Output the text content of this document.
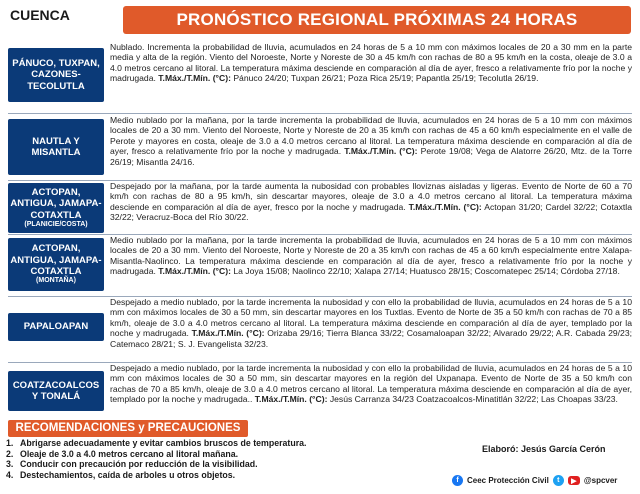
CUENCA	PRONÓSTICO REGIONAL PRÓXIMAS 24 HORAS
PÁNUCO, TUXPAN, CAZONES-TECOLUTLA
Nublado. Incrementa la probabilidad de lluvia, acumulados en 24 horas de 5 a 10 mm con máximos locales de 20 a 30 mm en la parte media y alta de la región. Viento del Noroeste, Norte y Noreste de 30 a 45 km/h con rachas de 80 a 95 km/h en la costa, oleaje de 3.0 a 4.0 metros cercano al litoral. La temperatura máxima desciende en comparación al día de ayer, fresco a relativamente frío por la noche y madrugada. T.Máx./T.Mín. (°C): Pánuco 24/20; Tuxpan 26/21; Poza Rica 25/19; Papantla 25/19; Tecolutla 26/19.
NAUTLA Y MISANTLA
Medio nublado por la mañana, por la tarde incrementa la probabilidad de lluvia, acumulados en 24 horas de 5 a 10 mm con máximos locales de 20 a 30 mm. Viento del Noroeste, Norte y Noreste de 20 a 35 km/h con rachas de 45 a 60 km/h especialmente en el valle de Perote y mayores en costa, oleaje de 3.0 a 4.0 metros cercano al litoral. La temperatura máxima desciende en comparación al día de ayer, fresco a relativamente frío por la noche y madrugada. T.Máx./T.Mín. (°C): Perote 19/08; Vega de Alatorre 26/20, Mtz. de la Torre 26/19; Misantla 24/16.
ACTOPAN, ANTIGUA, JAMAPA-COTAXTLA
(PLANICIE/COSTA)
Despejado por la mañana, por la tarde aumenta la nubosidad con probables lloviznas aisladas y ligeras. Evento de Norte de 60 a 70 km/h con rachas de 80 a 95 km/h, sin descartar mayores, oleaje de 3.0 a 4.0 metros cercano al litoral. La temperatura máxima desciende en comparación al día de ayer, fresco por la noche y madrugada. T.Máx./T.Mín. (°C): Actopan 31/20; Cardel 32/22; Cotaxtla 32/22; Veracruz-Boca del Río 30/22.
ACTOPAN, ANTIGUA, JAMAPA-COTAXTLA
(MONTAÑA)
Medio nublado por la mañana, por la tarde incrementa la probabilidad de lluvia, acumulados en 24 horas de 5 a 10 mm con máximos locales de 20 a 30 mm. Viento del Noroeste, Norte y Noreste de 20 a 35 km/h con rachas de 45 a 60 km/h especialmente entre Xalapa-Misantla-Naolinco. La temperatura máxima desciende en comparación al día de ayer, fresco a relativamente frío por la noche y madrugada. T.Máx./T.Mín. (°C): La Joya 15/08; Naolinco 22/10; Xalapa 27/14; Huatusco 28/15; Coscomatepec 25/14; Córdoba 27/18.
PAPALOAPAN
Despejado a medio nublado, por la tarde incrementa la nubosidad y con ello la probabilidad de lluvia, acumulados en 24 horas de 5 a 10 mm con máximos locales de 30 a 50 mm, sin descartar mayores en los Tuxtlas. Evento de Norte de 35 a 50 km/h con rachas de 70 a 85 km/h, oleaje de 3.0 a 4.0 metros cercano al litoral. La temperatura máxima desciende en comparación al día de ayer, templado por la noche y madrugada. T.Máx./T.Mín. (°C): Orizaba 29/16; Tierra Blanca 33/22; Cosamaloapan 32/22; Alvarado 29/22; A.R. Cabada 29/23; Catemaco 28/21; S. J. Evangelista 32/23.
COATZACOALCOS Y TONALÁ
Despejado a medio nublado, por la tarde incrementa la nubosidad y con ello la probabilidad de lluvia, acumulados en 24 horas de 5 a 10 mm con máximos locales de 30 a 50 mm, sin descartar mayores en la región del Uxpanapa. Evento de Norte de 35 a 50 km/h con rachas de 70 a 85 km/h, oleaje de 3.0 a 4.0 metros cercano al litoral. La temperatura máxima desciende en comparación al día de ayer, templado por la noche y madrugada.. T.Máx./T.Mín. (°C): Jesús Carranza 34/23 Coatzacoalcos-Minatitlán 32/22; Las Choapas 33/23.
RECOMENDACIONES y PRECAUCIONES
1. Abrigarse adecuadamente y evitar cambios bruscos de temperatura.
2. Oleaje de 3.0 a 4.0 metros cercano al litoral mañana.
3. Conducir con precaución por reducción de la visibilidad.
4. Destechamientos, caída de arboles u otros objetos.
Elaboró: Jesús García Cerón
f	Ceec Protección Civil	t	▶ @spcver
